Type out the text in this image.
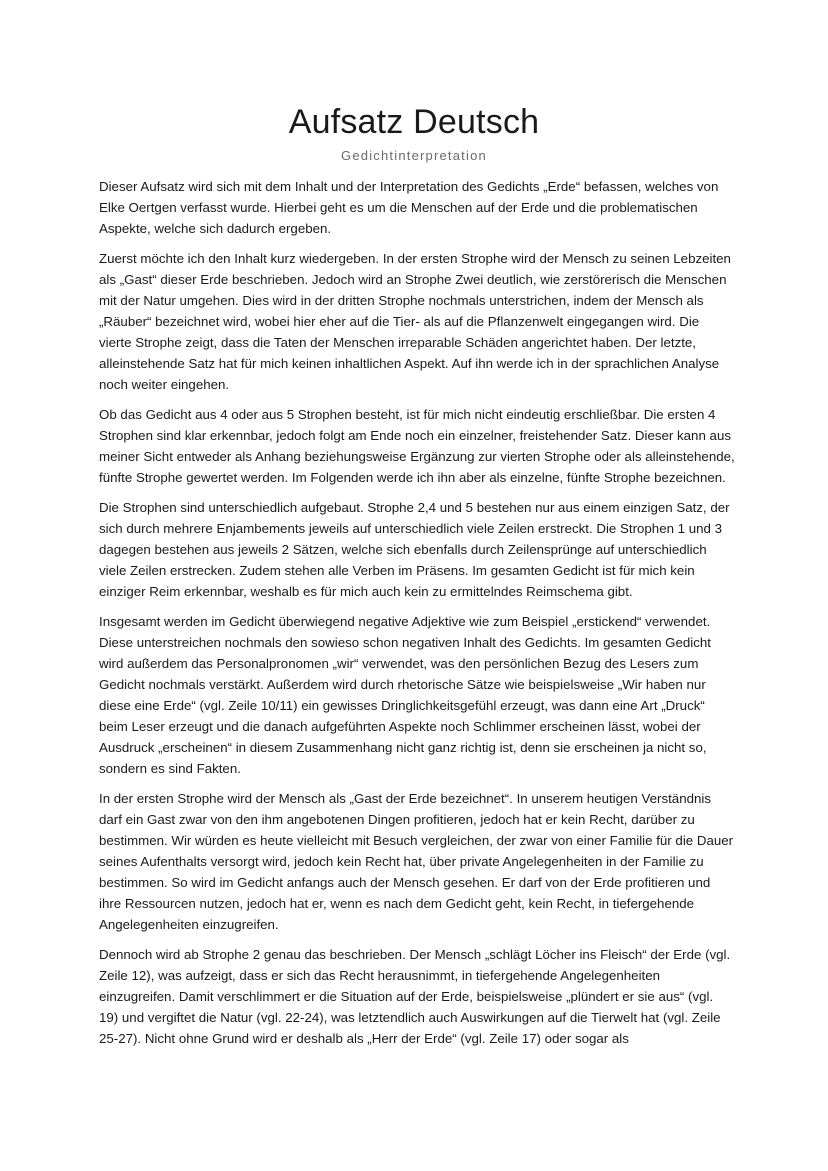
Aufsatz Deutsch
Gedichtinterpretation

Dieser Aufsatz wird sich mit dem Inhalt und der Interpretation des Gedichts „Erde“ befassen, welches von Elke Oertgen verfasst wurde. Hierbei geht es um die Menschen auf der Erde und die problematischen Aspekte, welche sich dadurch ergeben.

Zuerst möchte ich den Inhalt kurz wiedergeben. In der ersten Strophe wird der Mensch zu seinen Lebzeiten als „Gast“ dieser Erde beschrieben. Jedoch wird an Strophe Zwei deutlich, wie zerstörerisch die Menschen mit der Natur umgehen. Dies wird in der dritten Strophe nochmals unterstrichen, indem der Mensch als „Räuber“ bezeichnet wird, wobei hier eher auf die Tier- als auf die Pflanzenwelt eingegangen wird. Die vierte Strophe zeigt, dass die Taten der Menschen irreparable Schäden angerichtet haben. Der letzte, alleinstehende Satz hat für mich keinen inhaltlichen Aspekt. Auf ihn werde ich in der sprachlichen Analyse noch weiter eingehen.

Ob das Gedicht aus 4 oder aus 5 Strophen besteht, ist für mich nicht eindeutig erschließbar. Die ersten 4 Strophen sind klar erkennbar, jedoch folgt am Ende noch ein einzelner, freistehender Satz. Dieser kann aus meiner Sicht entweder als Anhang beziehungsweise Ergänzung zur vierten Strophe oder als alleinstehende, fünfte Strophe gewertet werden. Im Folgenden werde ich ihn aber als einzelne, fünfte Strophe bezeichnen.

Die Strophen sind unterschiedlich aufgebaut. Strophe 2,4 und 5 bestehen nur aus einem einzigen Satz, der sich durch mehrere Enjambements jeweils auf unterschiedlich viele Zeilen erstreckt. Die Strophen 1 und 3 dagegen bestehen aus jeweils 2 Sätzen, welche sich ebenfalls durch Zeilensprünge auf unterschiedlich viele Zeilen erstrecken. Zudem stehen alle Verben im Präsens. Im gesamten Gedicht ist für mich kein einziger Reim erkennbar, weshalb es für mich auch kein zu ermittelndes Reimschema gibt.

Insgesamt werden im Gedicht überwiegend negative Adjektive wie zum Beispiel „erstickend“ verwendet. Diese unterstreichen nochmals den sowieso schon negativen Inhalt des Gedichts. Im gesamten Gedicht wird außerdem das Personalpronomen „wir“ verwendet, was den persönlichen Bezug des Lesers zum Gedicht nochmals verstärkt. Außerdem wird durch rhetorische Sätze wie beispielsweise „Wir haben nur diese eine Erde“ (vgl. Zeile 10/11) ein gewisses Dringlichkeitsgefühl erzeugt, was dann eine Art „Druck“ beim Leser erzeugt und die danach aufgeführten Aspekte noch Schlimmer erscheinen lässt, wobei der Ausdruck „erscheinen“ in diesem Zusammenhang nicht ganz richtig ist, denn sie erscheinen ja nicht so, sondern es sind Fakten.

In der ersten Strophe wird der Mensch als „Gast der Erde bezeichnet“. In unserem heutigen Verständnis darf ein Gast zwar von den ihm angebotenen Dingen profitieren, jedoch hat er kein Recht, darüber zu bestimmen. Wir würden es heute vielleicht mit Besuch vergleichen, der zwar von einer Familie für die Dauer seines Aufenthalts versorgt wird, jedoch kein Recht hat, über private Angelegenheiten in der Familie zu bestimmen. So wird im Gedicht anfangs auch der Mensch gesehen. Er darf von der Erde profitieren und ihre Ressourcen nutzen, jedoch hat er, wenn es nach dem Gedicht geht, kein Recht, in tiefergehende Angelegenheiten einzugreifen.

Dennoch wird ab Strophe 2 genau das beschrieben. Der Mensch „schlägt Löcher ins Fleisch“ der Erde (vgl. Zeile 12), was aufzeigt, dass er sich das Recht herausnimmt, in tiefergehende Angelegenheiten einzugreifen. Damit verschlimmert er die Situation auf der Erde, beispielsweise „plündert er sie aus“ (vgl. 19) und vergiftet die Natur (vgl. 22-24), was letztendlich auch Auswirkungen auf die Tierwelt hat (vgl. Zeile 25-27). Nicht ohne Grund wird er deshalb als „Herr der Erde“ (vgl. Zeile 17) oder sogar als
